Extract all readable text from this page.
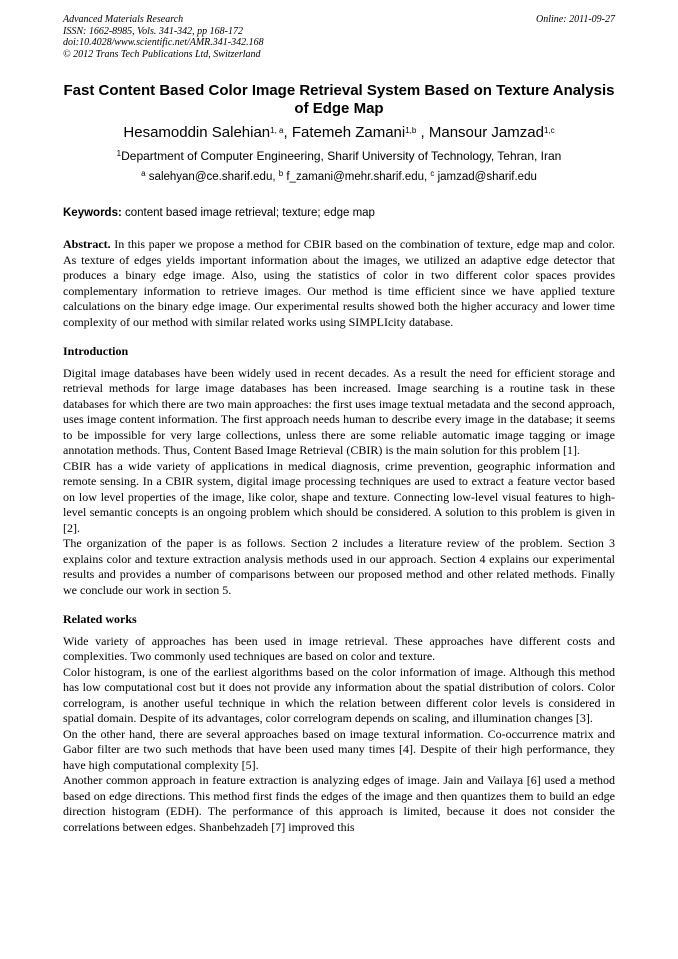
Advanced Materials Research
ISSN: 1662-8985, Vols. 341-342, pp 168-172
doi:10.4028/www.scientific.net/AMR.341-342.168
© 2012 Trans Tech Publications Ltd, Switzerland
Online: 2011-09-27
Fast Content Based Color Image Retrieval System Based on Texture Analysis of Edge Map
Hesamoddin Salehian$^{1, a}$, Fatemeh Zamani$^{1,b}$ , Mansour Jamzad$^{1,c}$
$^1$Department of Computer Engineering, Sharif University of Technology, Tehran, Iran
$^a$ salehyan@ce.sharif.edu, $^b$ f_zamani@mehr.sharif.edu, $^c$ jamzad@sharif.edu
Keywords: content based image retrieval; texture; edge map

Abstract. In this paper we propose a method for CBIR based on the combination of texture, edge map and color. As texture of edges yields important information about the images, we utilized an adaptive edge detector that produces a binary edge image. Also, using the statistics of color in two different color spaces provides complementary information to retrieve images. Our method is time efficient since we have applied texture calculations on the binary edge image. Our experimental results showed both the higher accuracy and lower time complexity of our method with similar related works using SIMPLIcity database.

Introduction

Digital image databases have been widely used in recent decades. As a result the need for efficient storage and retrieval methods for large image databases has been increased. Image searching is a routine task in these databases for which there are two main approaches: the first uses image textual metadata and the second approach, uses image content information. The first approach needs human to describe every image in the database; it seems to be impossible for very large collections, unless there are some reliable automatic image tagging or image annotation methods. Thus, Content Based Image Retrieval (CBIR) is the main solution for this problem [1].

CBIR has a wide variety of applications in medical diagnosis, crime prevention, geographic information and remote sensing. In a CBIR system, digital image processing techniques are used to extract a feature vector based on low level properties of the image, like color, shape and texture. Connecting low-level visual features to high-level semantic concepts is an ongoing problem which should be considered. A solution to this problem is given in [2].

The organization of the paper is as follows. Section 2 includes a literature review of the problem. Section 3 explains color and texture extraction analysis methods used in our approach. Section 4 explains our experimental results and provides a number of comparisons between our proposed method and other related methods. Finally we conclude our work in section 5.

Related works

Wide variety of approaches has been used in image retrieval. These approaches have different costs and complexities. Two commonly used techniques are based on color and texture.

Color histogram, is one of the earliest algorithms based on the color information of image. Although this method has low computational cost but it does not provide any information about the spatial distribution of colors. Color correlogram, is another useful technique in which the relation between different color levels is considered in spatial domain. Despite of its advantages, color correlogram depends on scaling, and illumination changes [3].

On the other hand, there are several approaches based on image textural information. Co-occurrence matrix and Gabor filter are two such methods that have been used many times [4]. Despite of their high performance, they have high computational complexity [5].

Another common approach in feature extraction is analyzing edges of image. Jain and Vailaya [6] used a method based on edge directions. This method first finds the edges of the image and then quantizes them to build an edge direction histogram (EDH). The performance of this approach is limited, because it does not consider the correlations between edges. Shanbehzadeh [7] improved this
